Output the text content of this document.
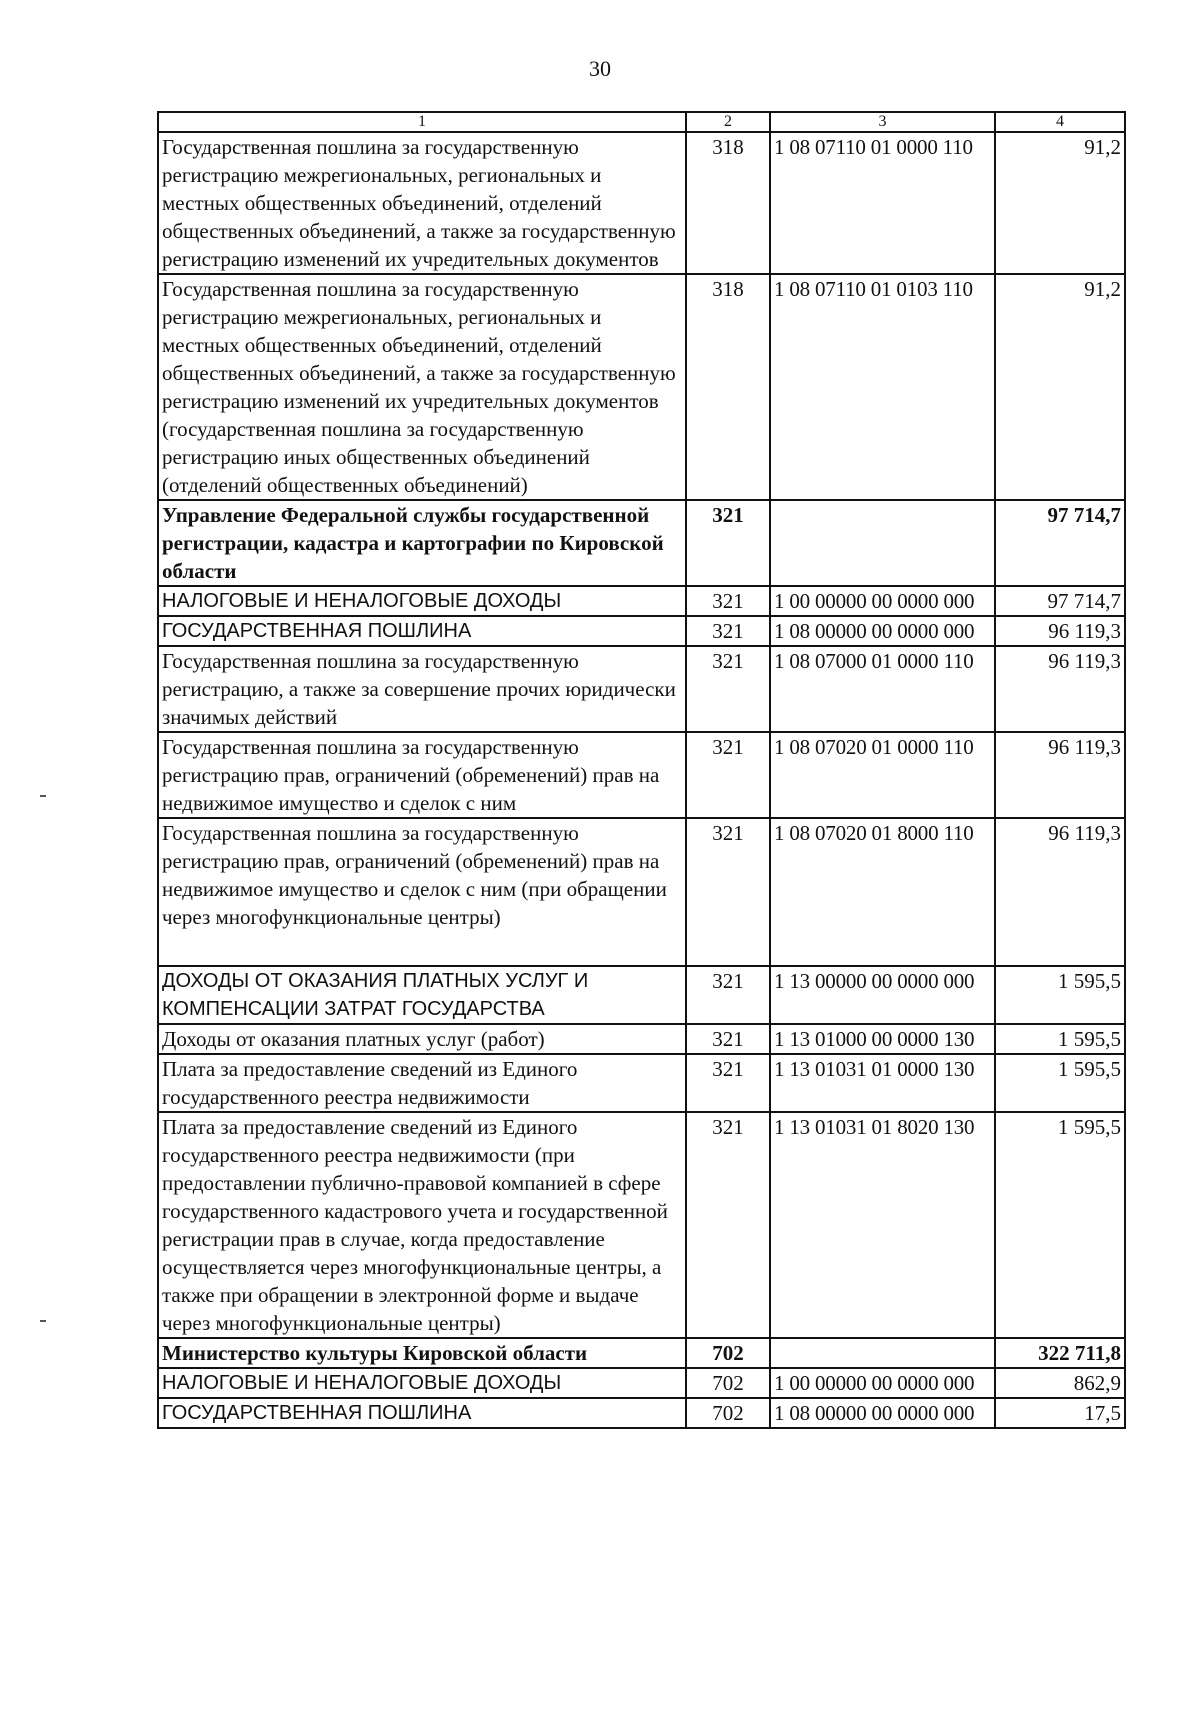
30
1	2	3	4
Государственная пошлина за государственную регистрацию межрегиональных, региональных и местных общественных объединений, отделений общественных объединений, а также за государственную регистрацию изменений их учредительных документов	318	1 08 07110 01 0000 110	91,2
Государственная пошлина за государственную регистрацию межрегиональных, региональных и местных общественных объединений, отделений общественных объединений, а также за государственную регистрацию изменений их учредительных документов (государственная пошлина за государственную регистрацию иных общественных объединений (отделений общественных объединений)	318	1 08 07110 01 0103 110	91,2
Управление Федеральной службы государственной регистрации, кадастра и картографии по Кировской области	321		97 714,7
НАЛОГОВЫЕ И НЕНАЛОГОВЫЕ ДОХОДЫ	321	1 00 00000 00 0000 000	97 714,7
ГОСУДАРСТВЕННАЯ ПОШЛИНА	321	1 08 00000 00 0000 000	96 119,3
Государственная пошлина за государственную регистрацию, а также за совершение прочих юридически значимых действий	321	1 08 07000 01 0000 110	96 119,3
Государственная пошлина за государственную регистрацию прав, ограничений (обременений) прав на недвижимое имущество и сделок с ним	321	1 08 07020 01 0000 110	96 119,3
Государственная пошлина за государственную регистрацию прав, ограничений (обременений) прав на недвижимое имущество и сделок с ним (при обращении через многофункциональные центры)	321	1 08 07020 01 8000 110	96 119,3
ДОХОДЫ ОТ ОКАЗАНИЯ ПЛАТНЫХ УСЛУГ И КОМПЕНСАЦИИ ЗАТРАТ ГОСУДАРСТВА	321	1 13 00000 00 0000 000	1 595,5
Доходы от оказания платных услуг (работ)	321	1 13 01000 00 0000 130	1 595,5
Плата за предоставление сведений из Единого государственного реестра недвижимости	321	1 13 01031 01 0000 130	1 595,5
Плата за предоставление сведений из Единого государственного реестра недвижимости (при предоставлении публично-правовой компанией в сфере государственного кадастрового учета и государственной регистрации прав в случае, когда предоставление осуществляется через многофункциональные центры, а также при обращении в электронной форме и выдаче через многофункциональные центры)	321	1 13 01031 01 8020 130	1 595,5
Министерство культуры Кировской области	702		322 711,8
НАЛОГОВЫЕ И НЕНАЛОГОВЫЕ ДОХОДЫ	702	1 00 00000 00 0000 000	862,9
ГОСУДАРСТВЕННАЯ ПОШЛИНА	702	1 08 00000 00 0000 000	17,5
